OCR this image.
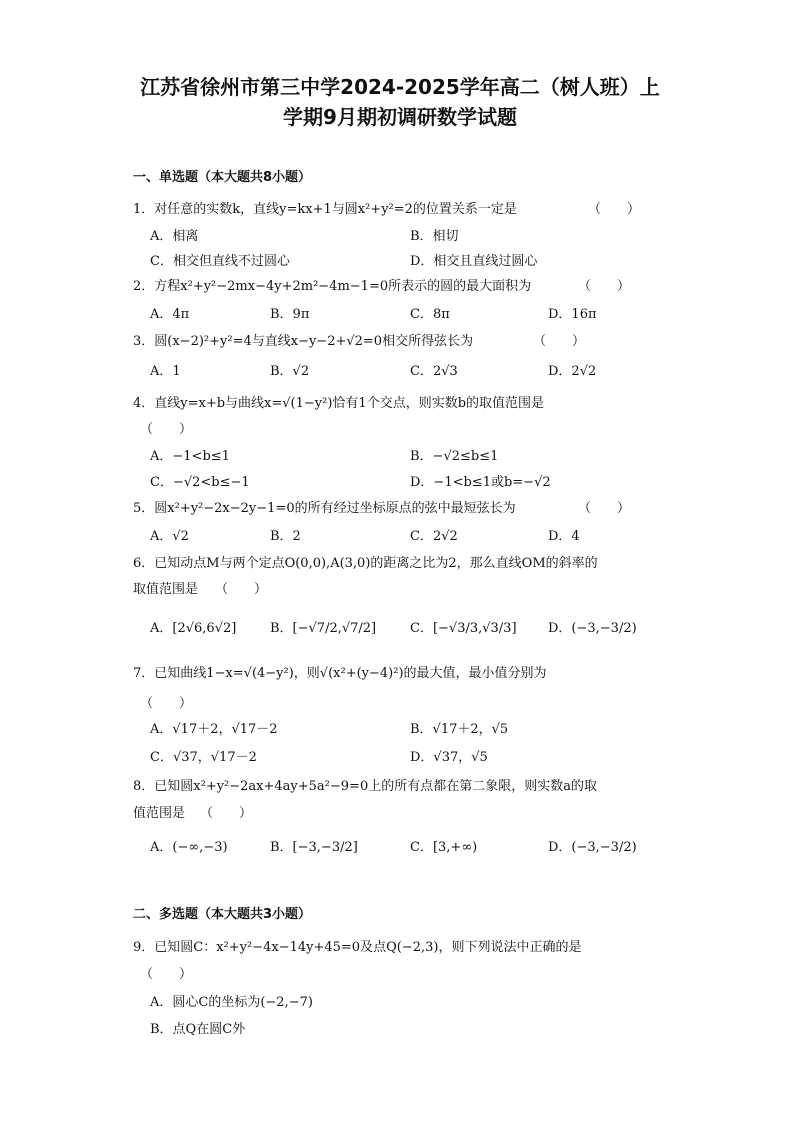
江苏省徐州市第三中学2024-2025学年高二（树人班）上
学期9月期初调研数学试题
一、单选题（本大题共8小题）
1．对任意的实数k，直线y=kx+1与圆x²+y²=2的位置关系一定是	（　　）
A．相离	B．相切
C．相交但直线不过圆心	D．相交且直线过圆心
2．方程x²+y²−2mx−4y+2m²−4m−1=0所表示的圆的最大面积为	（　　）
A．4π	B．9π	C．8π	D．16π
3．圆(x−2)²+y²=4与直线x−y−2+√2=0相交所得弦长为	（　　）
A．1	B．√2	C．2√3	D．2√2
4．直线y=x+b与曲线x=√(1−y²)恰有1个交点，则实数b的取值范围是
（　　）
A．−1<b≤1	B．−√2≤b≤1
C．−√2<b≤−1	D．−1<b≤1或b=−√2
5．圆x²+y²−2x−2y−1=0的所有经过坐标原点的弦中最短弦长为	（　　）
A．√2	B．2	C．2√2	D．4
6．已知动点M与两个定点O(0,0),A(3,0)的距离之比为2，那么直线OM的斜率的
取值范围是 （　　）
A．[2√6,6√2]	B．[−√7/2,√7/2]	C．[−√3/3,√3/3] D．(−3,−3/2)
7．已知曲线1−x=√(4−y²)，则√(x²+(y−4)²)的最大值，最小值分别为
（　　）
A．√17＋2，√17－2	B．√17＋2，√5
C．√37，√17－2	D．√37，√5
8．已知圆x²+y²−2ax+4ay+5a²−9=0上的所有点都在第二象限，则实数a的取
值范围是 （　　）
A．(−∞,−3)	B．[−3,−3/2]	C．[3,+∞)	D．(−3,−3/2)
二、多选题（本大题共3小题）
9．已知圆C：x²+y²−4x−14y+45=0及点Q(−2,3)，则下列说法中正确的是
（　　）
A．圆心C的坐标为(−2,−7)
B．点Q在圆C外
